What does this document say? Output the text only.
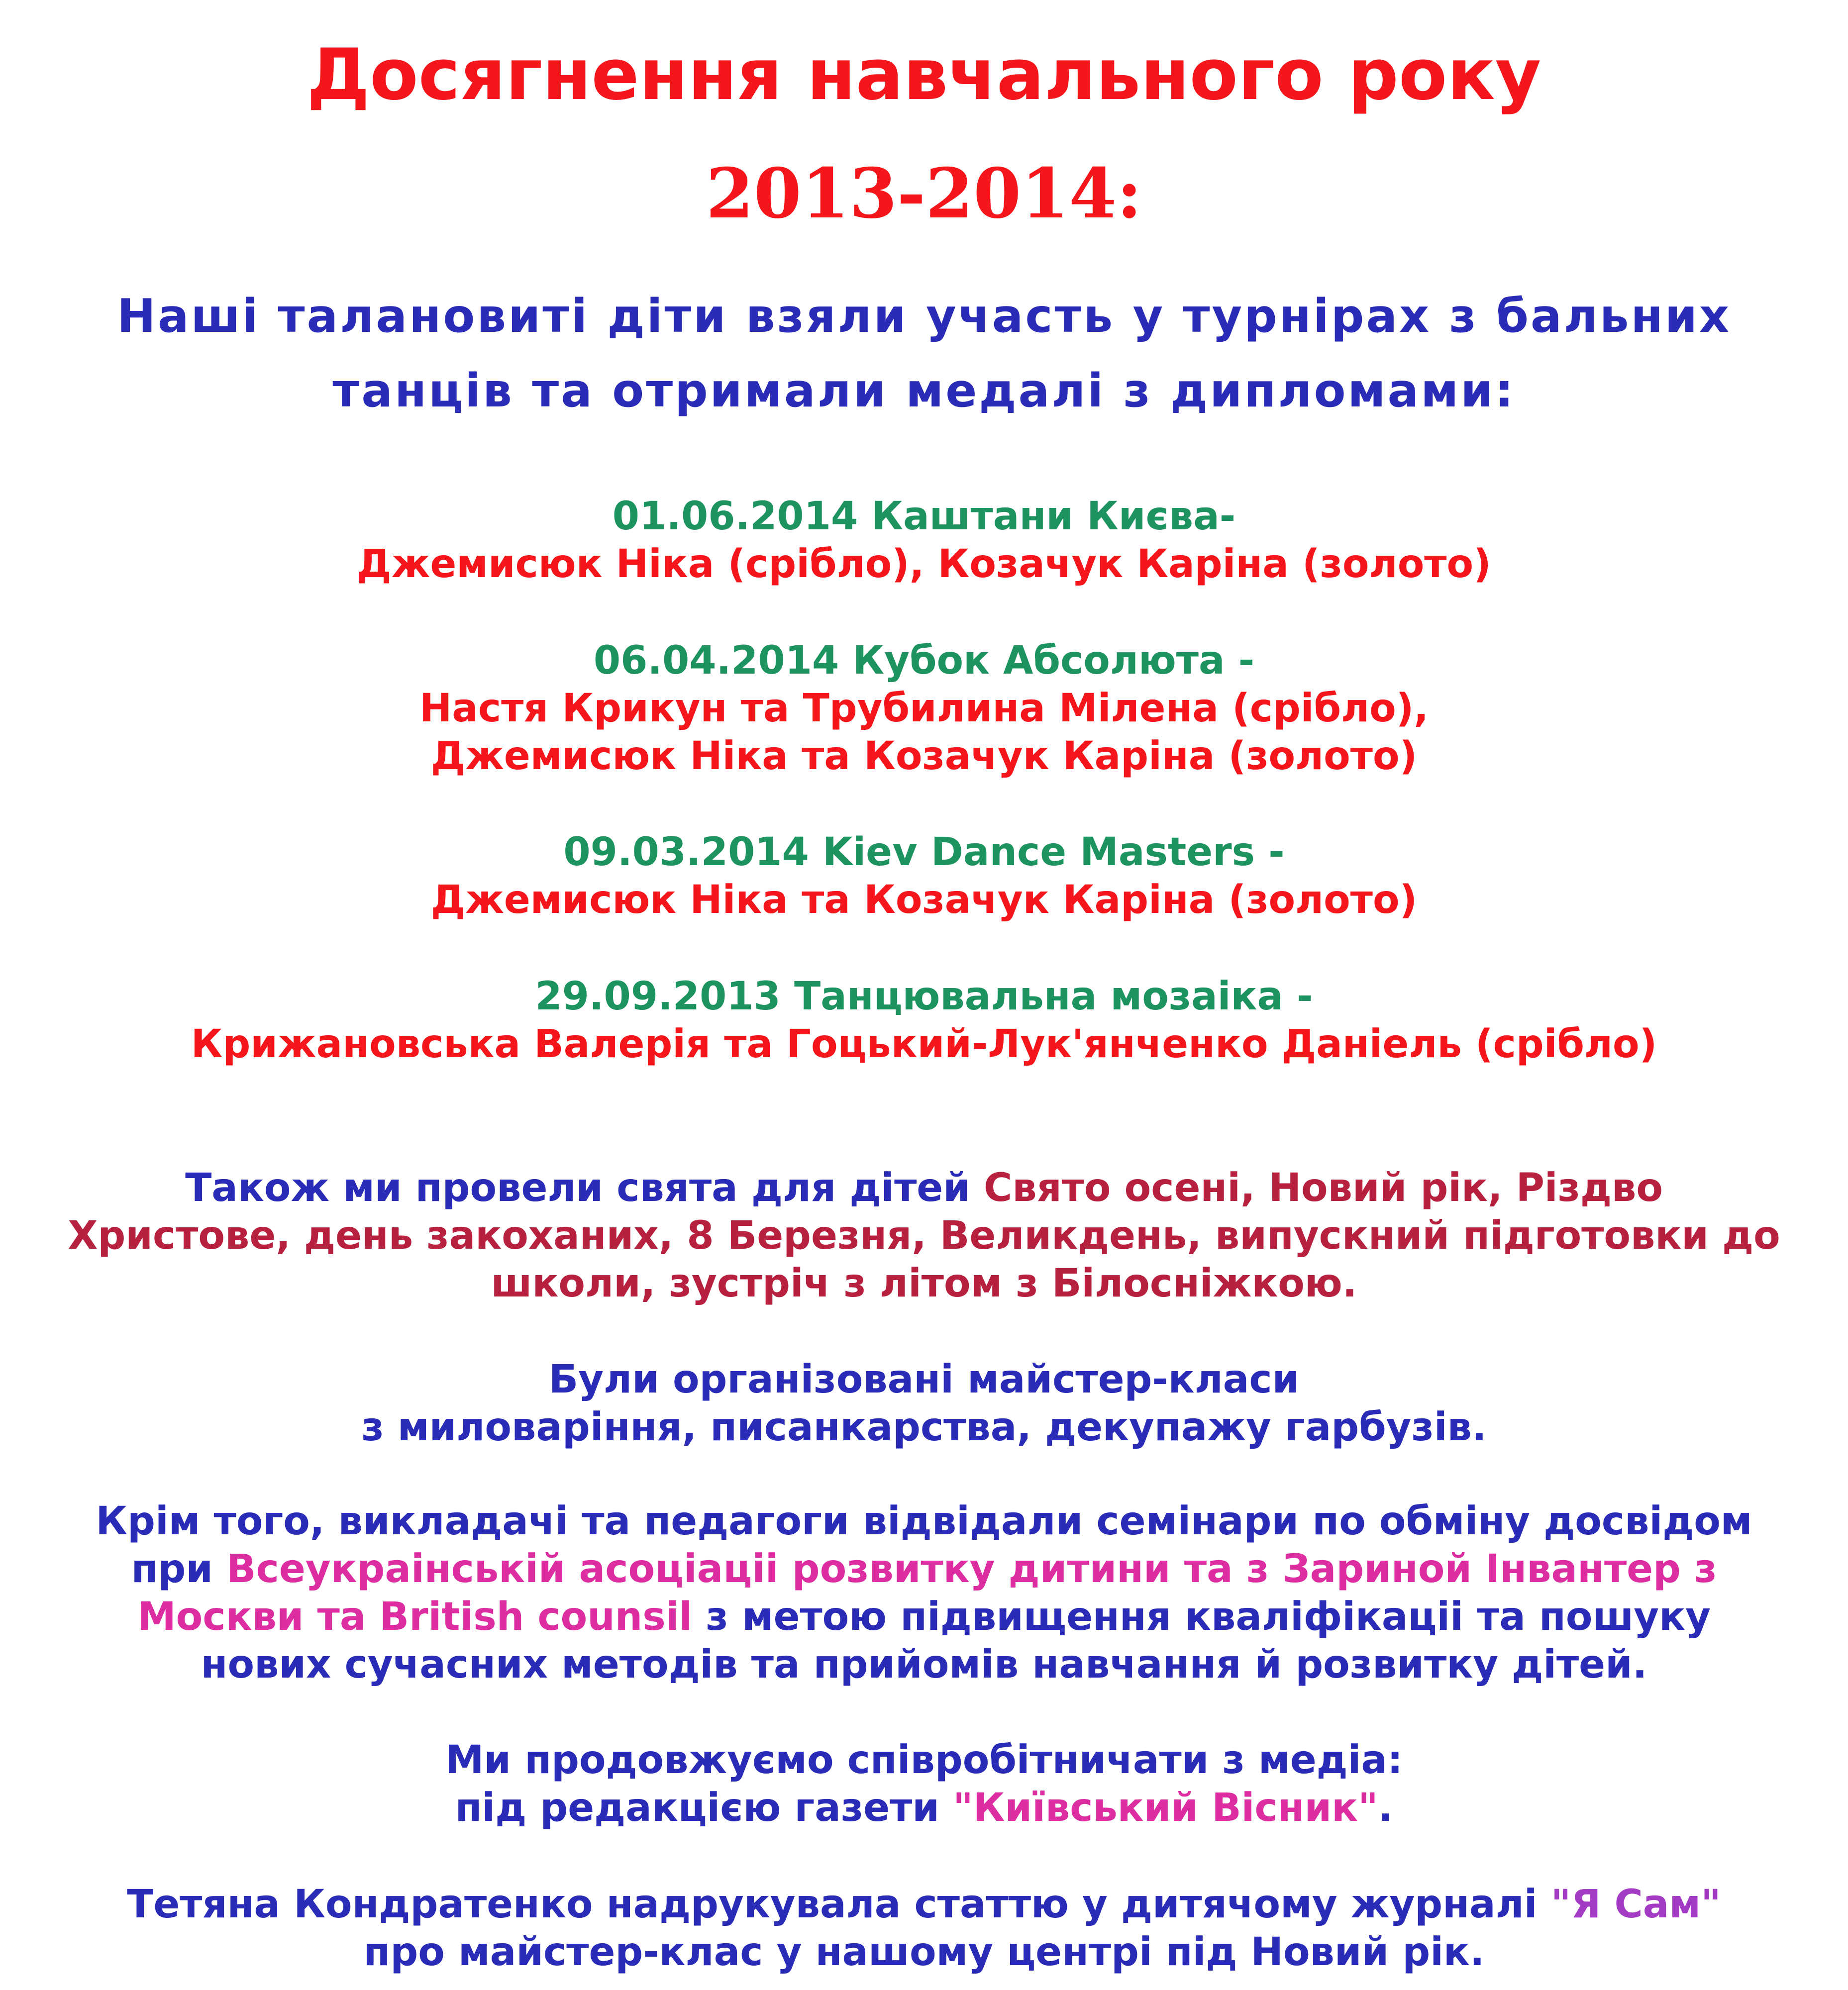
Досягнення навчального року
2013-2014:
Наші талановиті діти взяли участь у турнірах з бальних
танців та отримали медалі з дипломами:
01.06.2014 Каштани Києва-
Джемисюк Ніка (срібло), Козачук Каріна (золото)
06.04.2014 Кубок Абсолюта -
Настя Крикун та Трубилина Мілена (срібло),
Джемисюк Ніка та Козачук Каріна (золото)
09.03.2014 Kiev Dance Masters -
Джемисюк Ніка та Козачук Каріна (золото)
29.09.2013 Танцювальна мозаіка -
Крижановська Валерія та Гоцький-Лук'янченко Даніель (срібло)
Також ми провели свята для дітей Свято осені, Новий рік, Різдво
Христове, день закоханих, 8 Березня, Великдень, випускний підготовки до
школи, зустріч з літом з Білосніжкою.
Були організовані майстер-класи
з миловаріння, писанкарства, декупажу гарбузів.
Крім того, викладачі та педагоги відвідали семінари по обміну досвідом
при Всеукраінській асоціаціі розвитку дитини та з Зариной Інвантер з
Москви та British counsil з метою підвищення кваліфікаціі та пошуку
нових сучасних методів та прийомів навчання й розвитку дітей.
Ми продовжуємо співробітничати з медіа:
під редакцією газети "Київський Вісник".
Тетяна Кондратенко надрукувала статтю у дитячому журналі "Я Сам"
про майстер-клас у нашому центрі під Новий рік.
